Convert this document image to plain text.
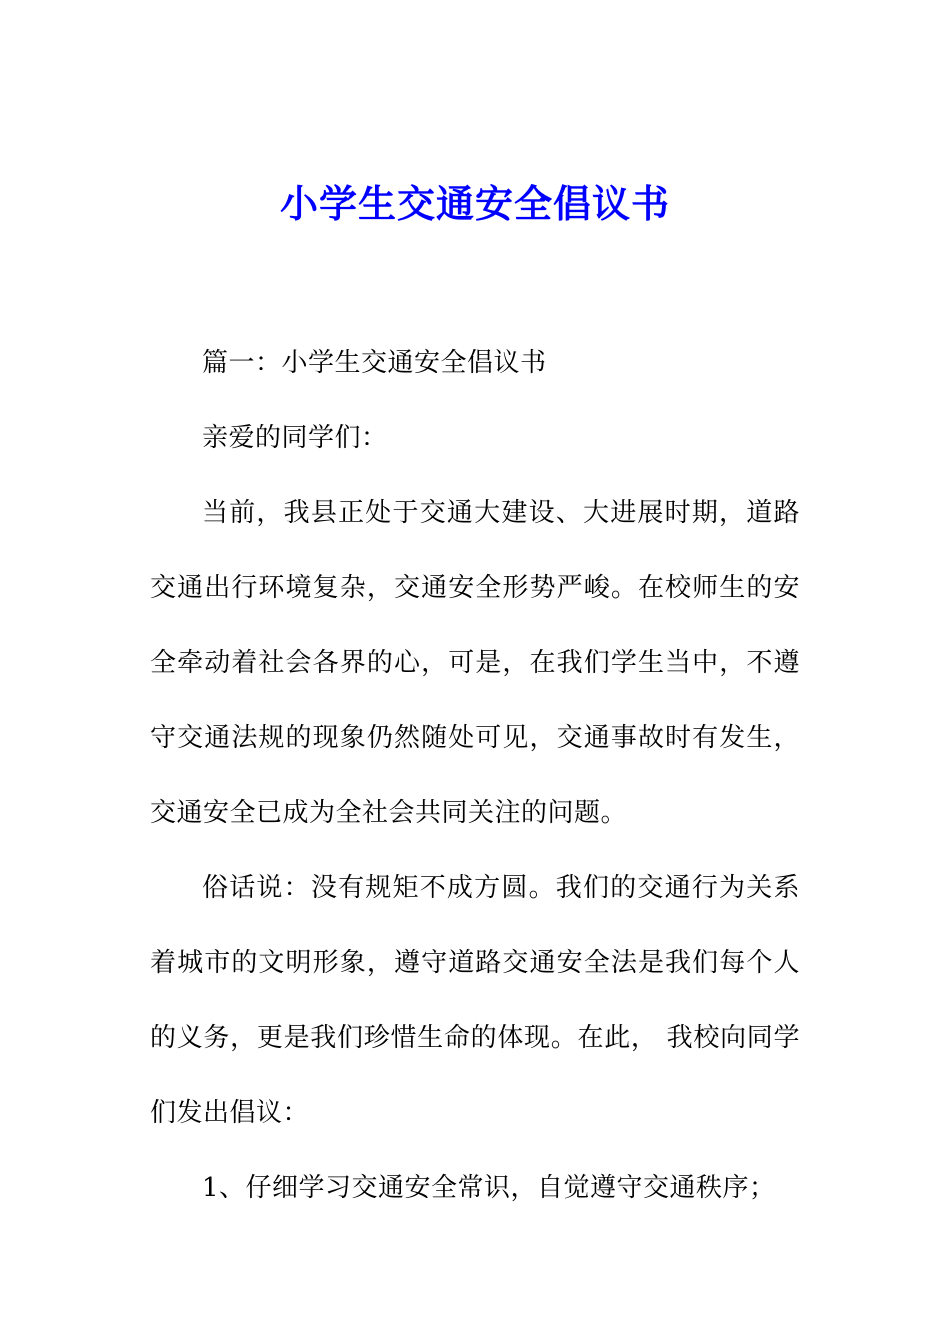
小学生交通安全倡议书

篇一：小学生交通安全倡议书

亲爱的同学们：

当前，我县正处于交通大建设、大进展时期，道路交通出行环境复杂，交通安全形势严峻。在校师生的安全牵动着社会各界的心，可是，在我们学生当中，不遵守交通法规的现象仍然随处可见，交通事故时有发生，交通安全已成为全社会共同关注的问题。

俗话说：没有规矩不成方圆。我们的交通行为关系着城市的文明形象，遵守道路交通安全法是我们每个人的义务，更是我们珍惜生命的体现。在此， 我校向同学们发出倡议：

1、仔细学习交通安全常识，自觉遵守交通秩序；
